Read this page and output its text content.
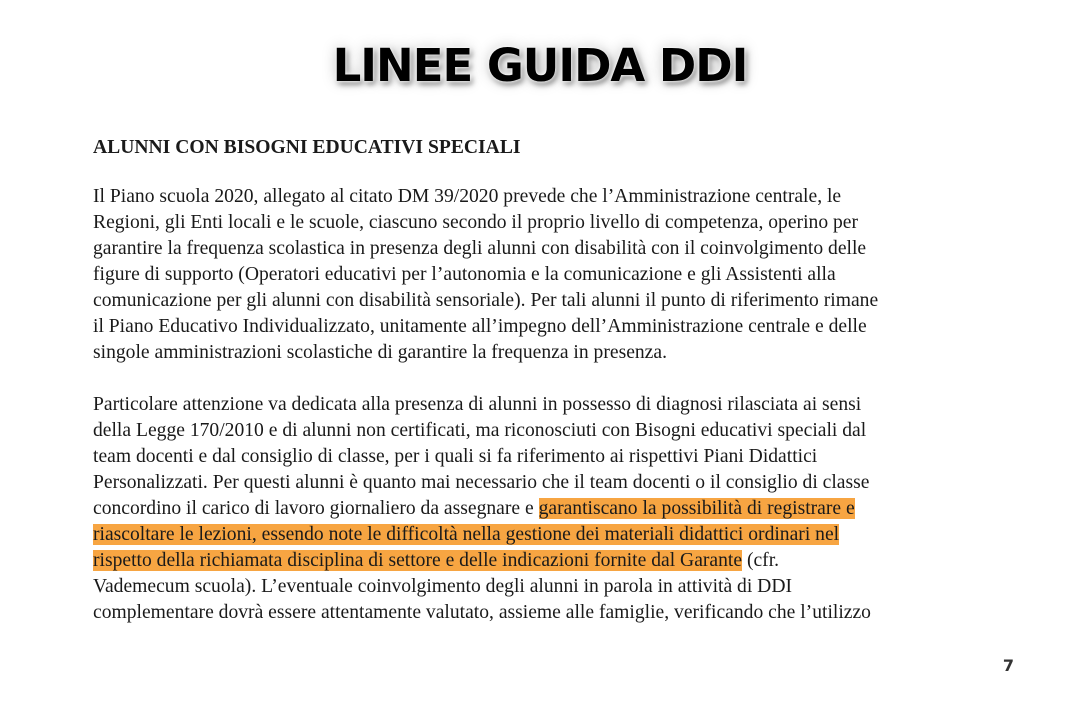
LINEE GUIDA DDI
ALUNNI CON BISOGNI EDUCATIVI SPECIALI
Il Piano scuola 2020, allegato al citato DM 39/2020 prevede che l’Amministrazione centrale, le
Regioni, gli Enti locali e le scuole, ciascuno secondo il proprio livello di competenza, operino per
garantire la frequenza scolastica in presenza degli alunni con disabilità con il coinvolgimento delle
figure di supporto (Operatori educativi per l’autonomia e la comunicazione e gli Assistenti alla
comunicazione per gli alunni con disabilità sensoriale). Per tali alunni il punto di riferimento rimane
il Piano Educativo Individualizzato, unitamente all’impegno dell’Amministrazione centrale e delle
singole amministrazioni scolastiche di garantire la frequenza in presenza.
Particolare attenzione va dedicata alla presenza di alunni in possesso di diagnosi rilasciata ai sensi
della Legge 170/2010 e di alunni non certificati, ma riconosciuti con Bisogni educativi speciali dal
team docenti e dal consiglio di classe, per i quali si fa riferimento ai rispettivi Piani Didattici
Personalizzati. Per questi alunni è quanto mai necessario che il team docenti o il consiglio di classe
concordino il carico di lavoro giornaliero da assegnare e garantiscano la possibilità di registrare e
riascoltare le lezioni, essendo note le difficoltà nella gestione dei materiali didattici ordinari nel
rispetto della richiamata disciplina di settore e delle indicazioni fornite dal Garante (cfr.
Vademecum scuola). L’eventuale coinvolgimento degli alunni in parola in attività di DDI
complementare dovrà essere attentamente valutato, assieme alle famiglie, verificando che l’utilizzo
7
